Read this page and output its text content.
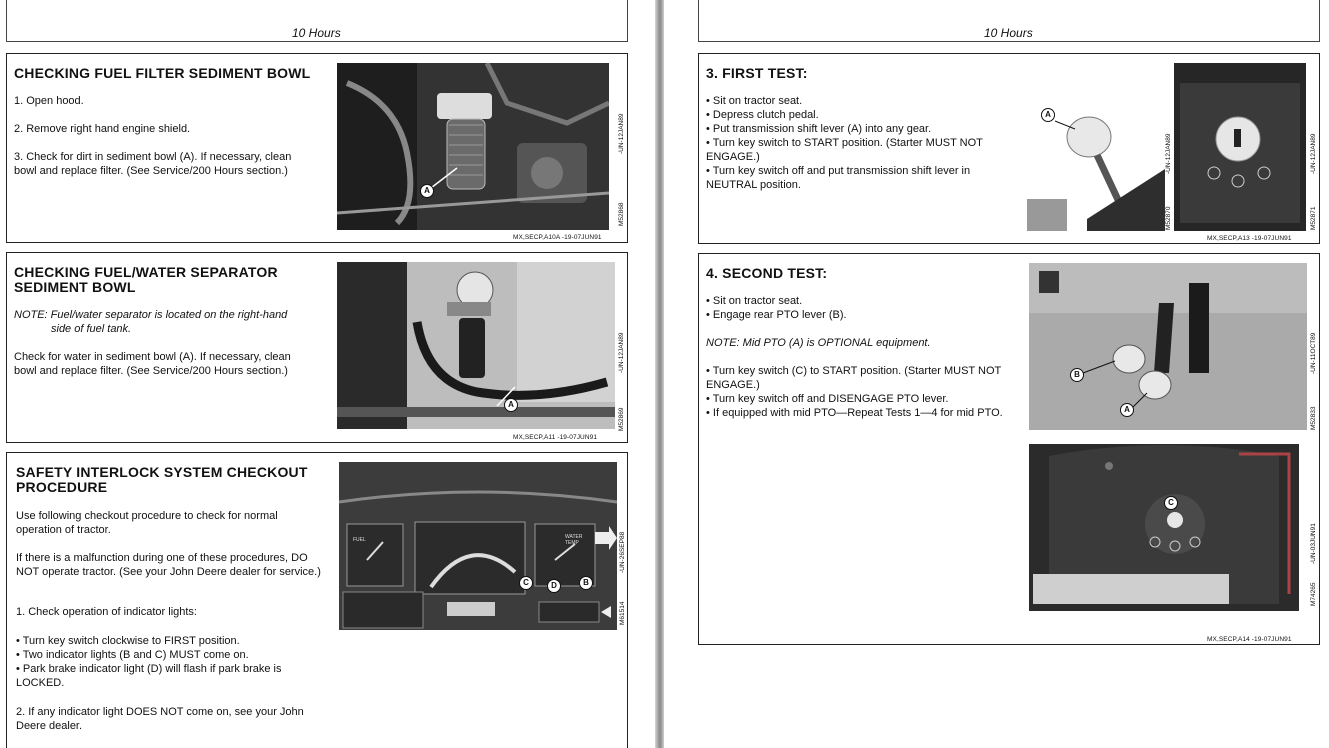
10 Hours
CHECKING FUEL FILTER SEDIMENT BOWL

1. Open hood.

2. Remove right hand engine shield.

3. Check for dirt in sediment bowl (A). If necessary, clean bowl and replace filter. (See Service/200 Hours section.)

A
-UN-12JAN89
M52868
MX,SECP,A10A -19-07JUN91
CHECKING FUEL/WATER SEPARATOR
SEDIMENT BOWL

NOTE: Fuel/water separator is located on the right-hand
side of fuel tank.

Check for water in sediment bowl (A). If necessary, clean bowl and replace filter. (See Service/200 Hours section.)

A
-UN-12JAN89
M52869
MX,SECP,A11 -19-07JUN91
SAFETY INTERLOCK SYSTEM CHECKOUT
PROCEDURE

Use following checkout procedure to check for normal operation of tractor.

If there is a malfunction during one of these procedures, DO NOT operate tractor. (See your John Deere dealer for service.)

1. Check operation of indicator lights:

• Turn key switch clockwise to FIRST position.
• Two indicator lights (B and C) MUST come on.
• Park brake indicator light (D) will flash if park brake is LOCKED.

2. If any indicator light DOES NOT come on, see your John Deere dealer.

FUEL	WATER TEMP
C	D	B
-UN-26SEP88
M61514
10 Hours
3. FIRST TEST:
• Sit on tractor seat.
• Depress clutch pedal.
• Put transmission shift lever (A) into any gear.
• Turn key switch to START position. (Starter MUST NOT ENGAGE.)
• Turn key switch off and put transmission shift lever in NEUTRAL position.
A
-UN-12JAN89
M52870
-UN-12JAN89
M52871
MX,SECP,A13 -19-07JUN91
4. SECOND TEST:
• Sit on tractor seat.
• Engage rear PTO lever (B).

NOTE: Mid PTO (A) is OPTIONAL equipment.

• Turn key switch (C) to START position. (Starter MUST NOT ENGAGE.)
• Turn key switch off and DISENGAGE PTO lever.
• If equipped with mid PTO—Repeat Tests 1—4 for mid PTO.
B
A
-UN-11OCT89
M52833
C
-UN-03JUN91
M74265
MX,SECP,A14 -19-07JUN91
